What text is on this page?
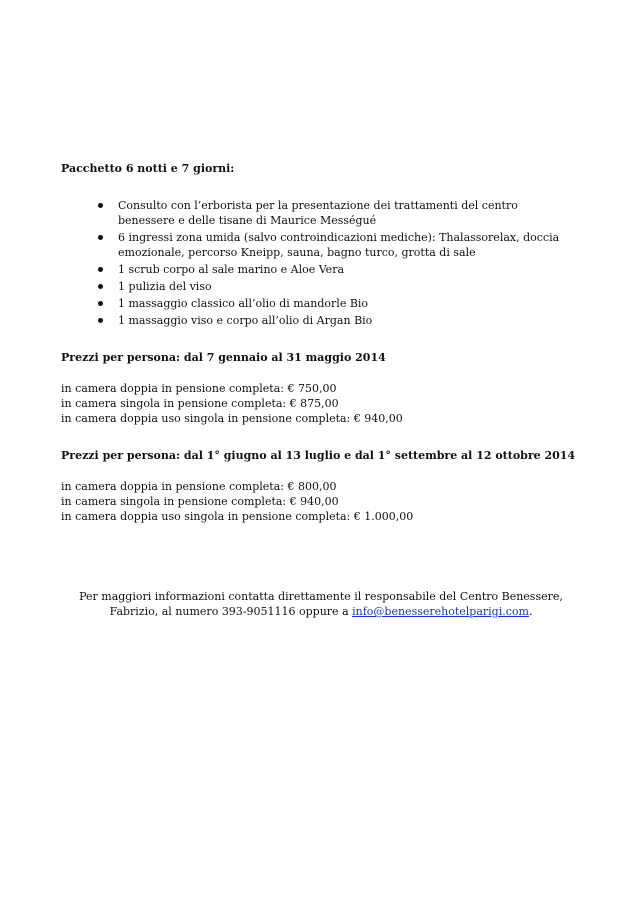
Pacchetto 6 notti e 7 giorni:

Consulto con l’erborista per la presentazione dei trattamenti del centro benessere e delle tisane di Maurice Mességué
6 ingressi zona umida (salvo controindicazioni mediche): Thalassorelax, doccia emozionale, percorso Kneipp, sauna, bagno turco, grotta di sale
1 scrub corpo al sale marino e Aloe Vera
1 pulizia del viso
1 massaggio classico all’olio di mandorle Bio
1 massaggio viso e corpo all’olio di Argan Bio

Prezzi per persona: dal 7 gennaio al 31 maggio 2014

in camera doppia in pensione completa: € 750,00

in camera singola in pensione completa: € 875,00

in camera doppia uso singola in pensione completa: € 940,00

Prezzi per persona: dal 1° giugno al 13 luglio e dal 1° settembre al 12 ottobre 2014

in camera doppia in pensione completa: € 800,00

in camera singola in pensione completa: € 940,00

in camera doppia uso singola in pensione completa: € 1.000,00

Per maggiori informazioni contatta direttamente il responsabile del Centro Benessere, Fabrizio, al numero 393-9051116 oppure a info@benesserehotelparigi.com.
